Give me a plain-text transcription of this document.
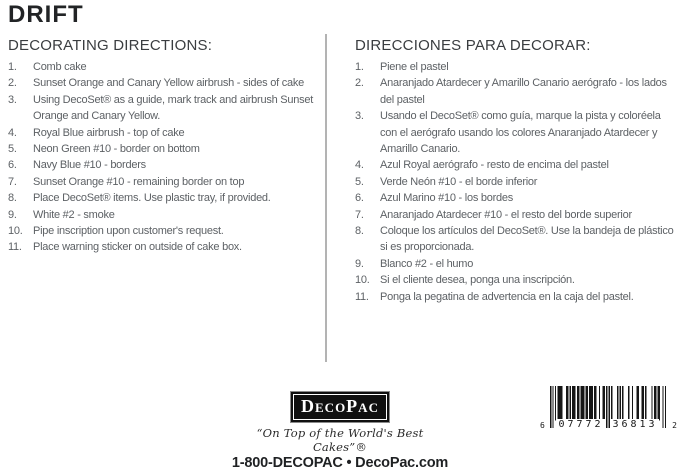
DRIFT
DECORATING DIRECTIONS:
1.	Comb cake
2.	Sunset Orange and Canary Yellow airbrush - sides of cake
3.	Using DecoSet® as a guide, mark track and airbrush Sunset Orange and Canary Yellow.
4.	Royal Blue airbrush - top of cake
5.	Neon Green #10 - border on bottom
6.	Navy Blue #10 - borders
7.	Sunset Orange #10 - remaining border on top
8.	Place DecoSet® items. Use plastic tray, if provided.
9.	White #2 - smoke
10. Pipe inscription upon customer's request.
11.	Place warning sticker on outside of cake box.
DIRECCIONES PARA DECORAR:
1.	Piene el pastel
2.	Anaranjado Atardecer y Amarillo Canario aerógrafo - los lados del pastel
3.	Usando el DecoSet® como guía, marque la pista y coloréela con el aerógrafo usando los colores Anaranjado Atardecer y Amarillo Canario.
4.	Azul Royal aerógrafo - resto de encima del pastel
5.	Verde Neón #10 - el borde inferior
6.	Azul Marino #10 - los bordes
7.	Anaranjado Atardecer #10 - el resto del borde superior
8.	Coloque los artículos del DecoSet®. Use la bandeja de plástico si es proporcionada.
9.	Blanco #2 - el humo
10. Si el cliente desea, ponga una inscripción.
11.	Ponga la pegatina de advertencia en la caja del pastel.
DecoPac
“On Top of the World's Best Cakes”®
1-800-DECOPAC • DecoPac.com
6 07772 36813 2
